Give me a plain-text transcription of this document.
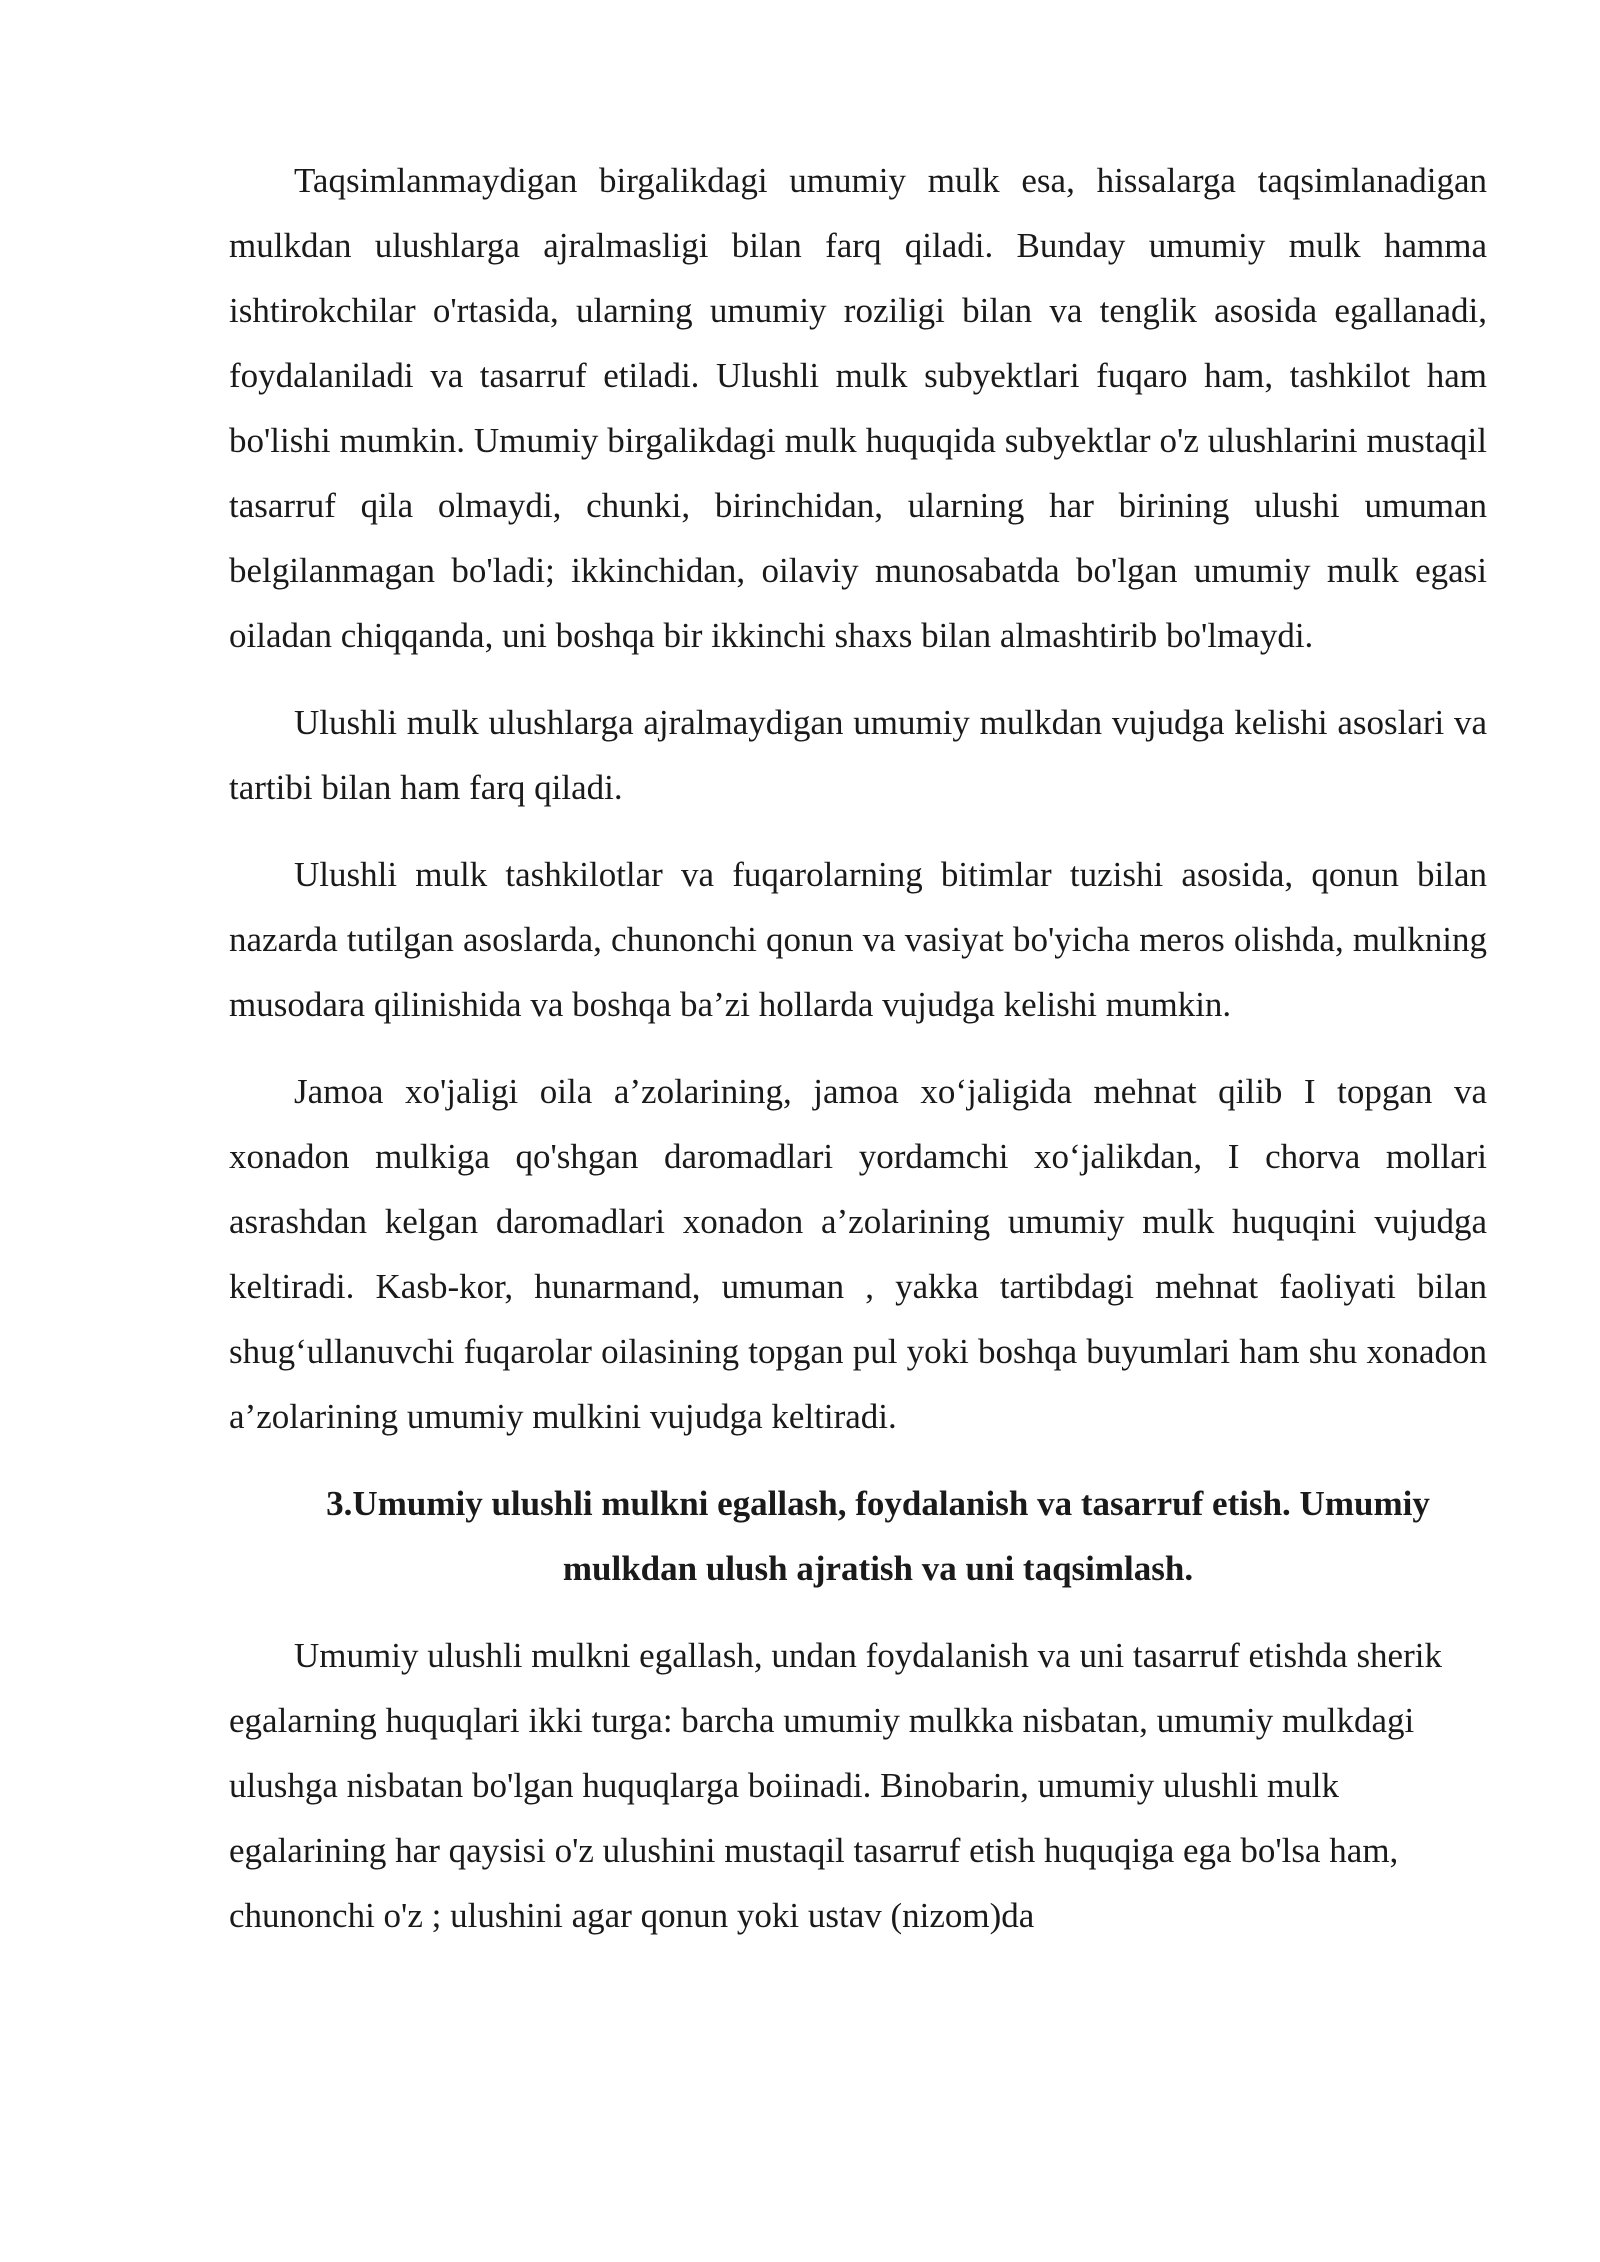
Taqsimlanmaydigan birgalikdagi umumiy mulk esa, hissalarga taqsimlanadigan mulkdan ulushlarga ajralmasligi bilan farq qiladi. Bunday umumiy mulk hamma ishtirokchilar o'rtasida, ularning umumiy roziligi bilan va tenglik asosida egallanadi, foydalaniladi va tasarruf etiladi. Ulushli mulk subyektlari fuqaro ham, tashkilot ham bo'lishi mumkin. Umumiy birgalikdagi mulk huquqida subyektlar o'z ulushlarini mustaqil tasarruf qila olmaydi, chunki, birinchidan, ularning har birining ulushi umuman belgilanmagan bo'ladi; ikkinchidan, oilaviy munosabatda bo'lgan umumiy mulk egasi oiladan chiqqanda, uni boshqa bir ikkinchi shaxs bilan almashtirib bo'lmaydi.

Ulushli mulk ulushlarga ajralmaydigan umumiy mulkdan vujudga kelishi asoslari va tartibi bilan ham farq qiladi.

Ulushli mulk tashkilotlar va fuqarolarning bitimlar tuzishi asosida, qonun bilan nazarda tutilgan asoslarda, chunonchi qonun va vasiyat bo'yicha meros olishda, mulkning musodara qilinishida va boshqa ba’zi hollarda vujudga kelishi mumkin.

Jamoa xo'jaligi oila a’zolarining, jamoa xo‘jaligida mehnat qilib I topgan va xonadon mulkiga qo'shgan daromadlari yordamchi xo‘jalikdan, I chorva mollari asrashdan kelgan daromadlari xonadon a’zolarining umumiy mulk huquqini vujudga keltiradi. Kasb-kor, hunarmand, umuman , yakka tartibdagi mehnat faoliyati bilan shug‘ullanuvchi fuqarolar oilasining topgan pul yoki boshqa buyumlari ham shu xonadon a’zolarining umumiy mulkini vujudga keltiradi.

3.Umumiy ulushli mulkni egallash, foydalanish va tasarruf etish. Umumiy mulkdan ulush ajratish va uni taqsimlash.

Umumiy ulushli mulkni egallash, undan foydalanish va uni tasarruf etishda sherik egalarning huquqlari ikki turga: barcha umumiy mulkka nisbatan, umumiy mulkdagi ulushga nisbatan bo'lgan huquqlarga boiinadi. Binobarin, umumiy ulushli mulk egalarining har qaysisi o'z ulushini mustaqil tasarruf etish huquqiga ega bo'lsa ham, chunonchi o'z ; ulushini agar qonun yoki ustav (nizom)da
